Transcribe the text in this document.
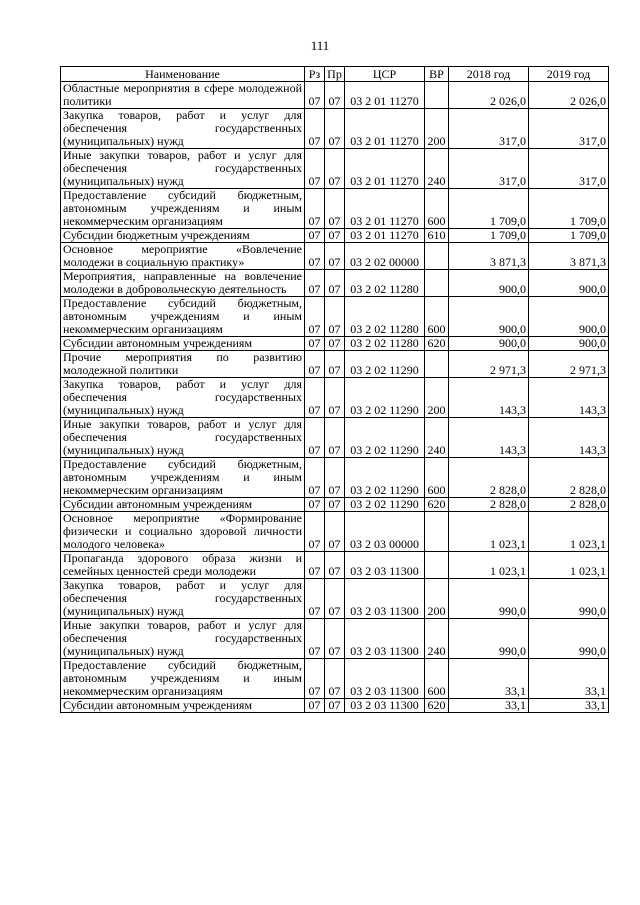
111
Наименование	Рз	Пр	ЦСР	ВР	2018 год	2019 год
Областные мероприятия в сфере молодежной политики	07	07	03 2 01 11270		2 026,0	2 026,0
Закупка товаров, работ и услуг для обеспечения государственных (муниципальных) нужд	07	07	03 2 01 11270	200	317,0	317,0
Иные закупки товаров, работ и услуг для обеспечения государственных (муниципальных) нужд	07	07	03 2 01 11270	240	317,0	317,0
Предоставление субсидий бюджетным, автономным учреждениям и иным некоммерческим организациям	07	07	03 2 01 11270	600	1 709,0	1 709,0
Субсидии бюджетным учреждениям	07	07	03 2 01 11270	610	1 709,0	1 709,0
Основное мероприятие «Вовлечение молодежи в социальную практику»	07	07	03 2 02 00000		3 871,3	3 871,3
Мероприятия, направленные на вовлечение молодежи в добровольческую деятельность	07	07	03 2 02 11280		900,0	900,0
Предоставление субсидий бюджетным, автономным учреждениям и иным некоммерческим организациям	07	07	03 2 02 11280	600	900,0	900,0
Субсидии автономным учреждениям	07	07	03 2 02 11280	620	900,0	900,0
Прочие мероприятия по развитию молодежной политики	07	07	03 2 02 11290		2 971,3	2 971,3
Закупка товаров, работ и услуг для обеспечения государственных (муниципальных) нужд	07	07	03 2 02 11290	200	143,3	143,3
Иные закупки товаров, работ и услуг для обеспечения государственных (муниципальных) нужд	07	07	03 2 02 11290	240	143,3	143,3
Предоставление субсидий бюджетным, автономным учреждениям и иным некоммерческим организациям	07	07	03 2 02 11290	600	2 828,0	2 828,0
Субсидии автономным учреждениям	07	07	03 2 02 11290	620	2 828,0	2 828,0
Основное мероприятие «Формирование физически и социально здоровой личности молодого человека»	07	07	03 2 03 00000		1 023,1	1 023,1
Пропаганда здорового образа жизни и семейных ценностей среди молодежи	07	07	03 2 03 11300		1 023,1	1 023,1
Закупка товаров, работ и услуг для обеспечения государственных (муниципальных) нужд	07	07	03 2 03 11300	200	990,0	990,0
Иные закупки товаров, работ и услуг для обеспечения государственных (муниципальных) нужд	07	07	03 2 03 11300	240	990,0	990,0
Предоставление субсидий бюджетным, автономным учреждениям и иным некоммерческим организациям	07	07	03 2 03 11300	600	33,1	33,1
Субсидии автономным учреждениям	07	07	03 2 03 11300	620	33,1	33,1
